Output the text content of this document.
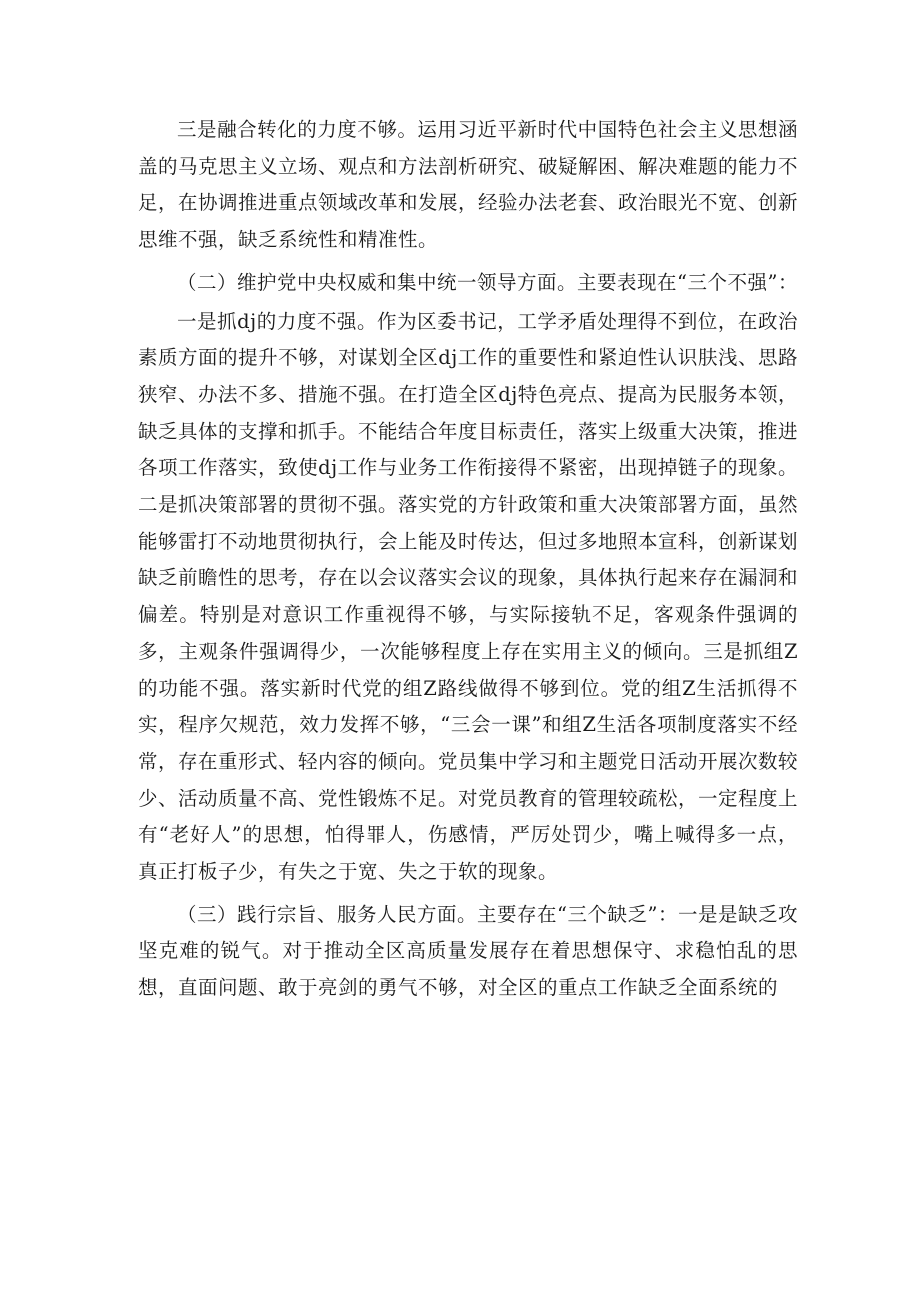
三是融合转化的力度不够。运用习近平新时代中国特色社会主义思想涵盖的马克思主义立场、观点和方法剖析研究、破疑解困、解决难题的能力不足，在协调推进重点领域改革和发展，经验办法老套、政治眼光不宽、创新思维不强，缺乏系统性和精准性。

（二）维护党中央权威和集中统一领导方面。主要表现在“三个不强”：

一是抓dj的力度不强。作为区委书记，工学矛盾处理得不到位，在政治素质方面的提升不够，对谋划全区dj工作的重要性和紧迫性认识肤浅、思路狭窄、办法不多、措施不强。在打造全区dj特色亮点、提高为民服务本领，缺乏具体的支撑和抓手。不能结合年度目标责任，落实上级重大决策，推进各项工作落实，致使dj工作与业务工作衔接得不紧密，出现掉链子的现象。二是抓决策部署的贯彻不强。落实党的方针政策和重大决策部署方面，虽然能够雷打不动地贯彻执行，会上能及时传达，但过多地照本宣科，创新谋划缺乏前瞻性的思考，存在以会议落实会议的现象，具体执行起来存在漏洞和偏差。特别是对意识工作重视得不够，与实际接轨不足，客观条件强调的多，主观条件强调得少，一次能够程度上存在实用主义的倾向。三是抓组Z的功能不强。落实新时代党的组Z路线做得不够到位。党的组Z生活抓得不实，程序欠规范，效力发挥不够，“三会一课”和组Z生活各项制度落实不经常，存在重形式、轻内容的倾向。党员集中学习和主题党日活动开展次数较少、活动质量不高、党性锻炼不足。对党员教育的管理较疏松，一定程度上有“老好人”的思想，怕得罪人，伤感情，严厉处罚少，嘴上喊得多一点，真正打板子少，有失之于宽、失之于软的现象。

（三）践行宗旨、服务人民方面。主要存在“三个缺乏”：一是是缺乏攻坚克难的锐气。对于推动全区高质量发展存在着思想保守、求稳怕乱的思想，直面问题、敢于亮剑的勇气不够，对全区的重点工作缺乏全面系统的
